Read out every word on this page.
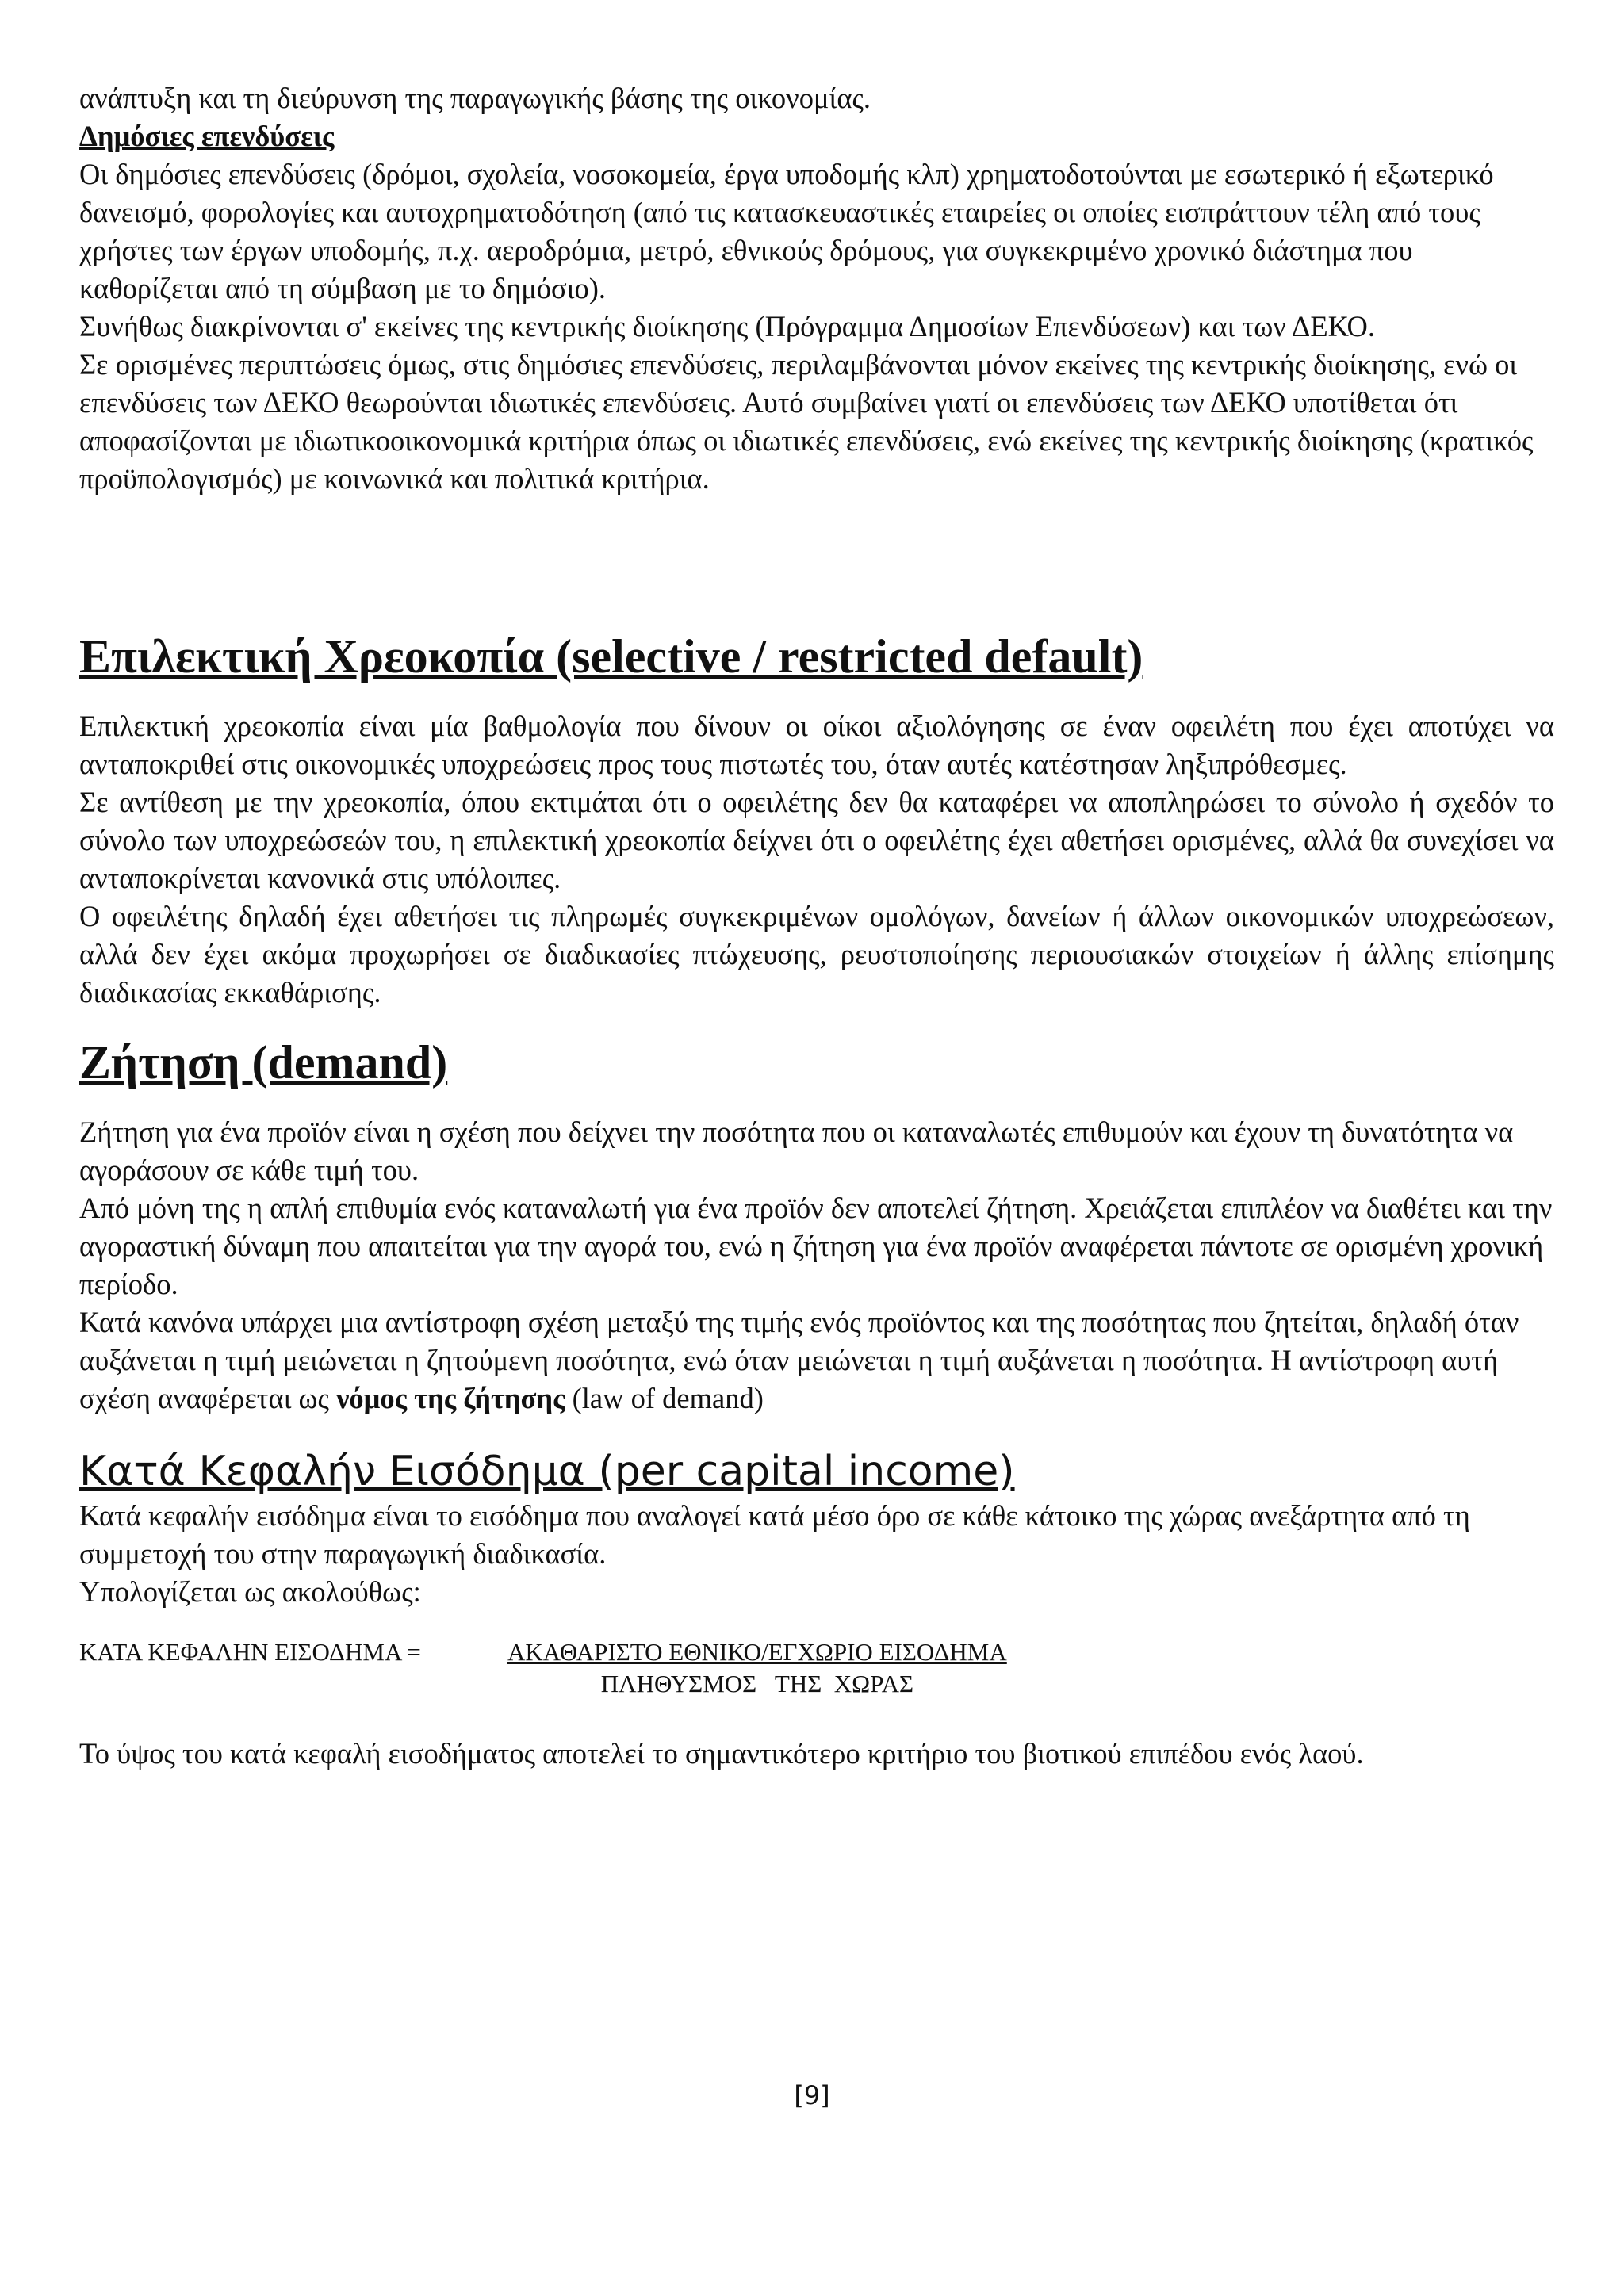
ανάπτυξη και τη διεύρυνση της παραγωγικής βάσης της οικονομίας.

Δημόσιες επενδύσεις

Οι δημόσιες επενδύσεις (δρόμοι, σχολεία, νοσοκομεία, έργα υποδομής κλπ) χρηματοδοτούνται με εσωτερικό ή εξωτερικό δανεισμό, φορολογίες και αυτοχρηματοδότηση (από τις κατασκευαστικές εταιρείες οι οποίες εισπράττουν τέλη από τους χρήστες των έργων υποδομής, π.χ. αεροδρόμια, μετρό, εθνικούς δρόμους, για συγκεκριμένο χρονικό διάστημα που καθορίζεται από τη σύμβαση με το δημόσιο).

Συνήθως διακρίνονται σ' εκείνες της κεντρικής διοίκησης (Πρόγραμμα Δημοσίων Επενδύσεων) και των ΔΕΚΟ.

Σε ορισμένες περιπτώσεις όμως, στις δημόσιες επενδύσεις, περιλαμβάνονται μόνον εκείνες της κεντρικής διοίκησης, ενώ οι επενδύσεις των ΔΕΚΟ θεωρούνται ιδιωτικές επενδύσεις. Αυτό συμβαίνει γιατί οι επενδύσεις των ΔΕΚΟ υποτίθεται ότι αποφασίζονται με ιδιωτικοοικονομικά κριτήρια όπως οι ιδιωτικές επενδύσεις, ενώ εκείνες της κεντρικής διοίκησης (κρατικός προϋπολογισμός) με κοινωνικά και πολιτικά κριτήρια.

Επιλεκτική Χρεοκοπία (selective / restricted default)

Επιλεκτική χρεοκοπία είναι μία βαθμολογία που δίνουν οι οίκοι αξιολόγησης σε έναν οφειλέτη που έχει αποτύχει να ανταποκριθεί στις οικονομικές υποχρεώσεις προς τους πιστωτές του, όταν αυτές κατέστησαν ληξιπρόθεσμες.

Σε αντίθεση με την χρεοκοπία, όπου εκτιμάται ότι ο οφειλέτης δεν θα καταφέρει να αποπληρώσει το σύνολο ή σχεδόν το σύνολο των υποχρεώσεών του, η επιλεκτική χρεοκοπία δείχνει ότι ο οφειλέτης έχει αθετήσει ορισμένες, αλλά θα συνεχίσει να ανταποκρίνεται κανονικά στις υπόλοιπες.

Ο οφειλέτης δηλαδή έχει αθετήσει τις πληρωμές συγκεκριμένων ομολόγων, δανείων ή άλλων οικονομικών υποχρεώσεων, αλλά δεν έχει ακόμα προχωρήσει σε διαδικασίες πτώχευσης, ρευστοποίησης περιουσιακών στοιχείων ή άλλης επίσημης διαδικασίας εκκαθάρισης.

Ζήτηση (demand)

Ζήτηση για ένα προϊόν είναι η σχέση που δείχνει την ποσότητα που οι καταναλωτές επιθυμούν και έχουν τη δυνατότητα να αγοράσουν σε κάθε τιμή του.

Από μόνη της η απλή επιθυμία ενός καταναλωτή για ένα προϊόν δεν αποτελεί ζήτηση. Χρειάζεται επιπλέον να διαθέτει και την αγοραστική δύναμη που απαιτείται για την αγορά του, ενώ η ζήτηση για ένα προϊόν αναφέρεται πάντοτε σε ορισμένη χρονική περίοδο.

Κατά κανόνα υπάρχει μια αντίστροφη σχέση μεταξύ της τιμής ενός προϊόντος και της ποσότητας που ζητείται, δηλαδή όταν αυξάνεται η τιμή μειώνεται η ζητούμενη ποσότητα, ενώ όταν μειώνεται η τιμή αυξάνεται η ποσότητα. Η αντίστροφη αυτή σχέση αναφέρεται ως νόμος της ζήτησης (law of demand)

Κατά Κεφαλήν Εισόδημα (per capital income)

Κατά κεφαλήν εισόδημα είναι το εισόδημα που αναλογεί κατά μέσο όρο σε κάθε κάτοικο της χώρας ανεξάρτητα από τη συμμετοχή του στην παραγωγική διαδικασία.

Υπολογίζεται ως ακολούθως:

ΚΑΤΑ ΚΕΦΑΛΗΝ ΕΙΣΟΔΗΜΑ =	ΑΚΑΘΑΡΙΣΤΟ ΕΘΝΙΚΟ/ΕΓΧΩΡΙΟ ΕΙΣΟΔΗΜΑ
ΠΛΗΘΥΣΜΟΣ   ΤΗΣ  ΧΩΡΑΣ

Το ύψος του κατά κεφαλή εισοδήματος αποτελεί το σημαντικότερο κριτήριο του βιοτικού επιπέδου ενός λαού.

[9]
